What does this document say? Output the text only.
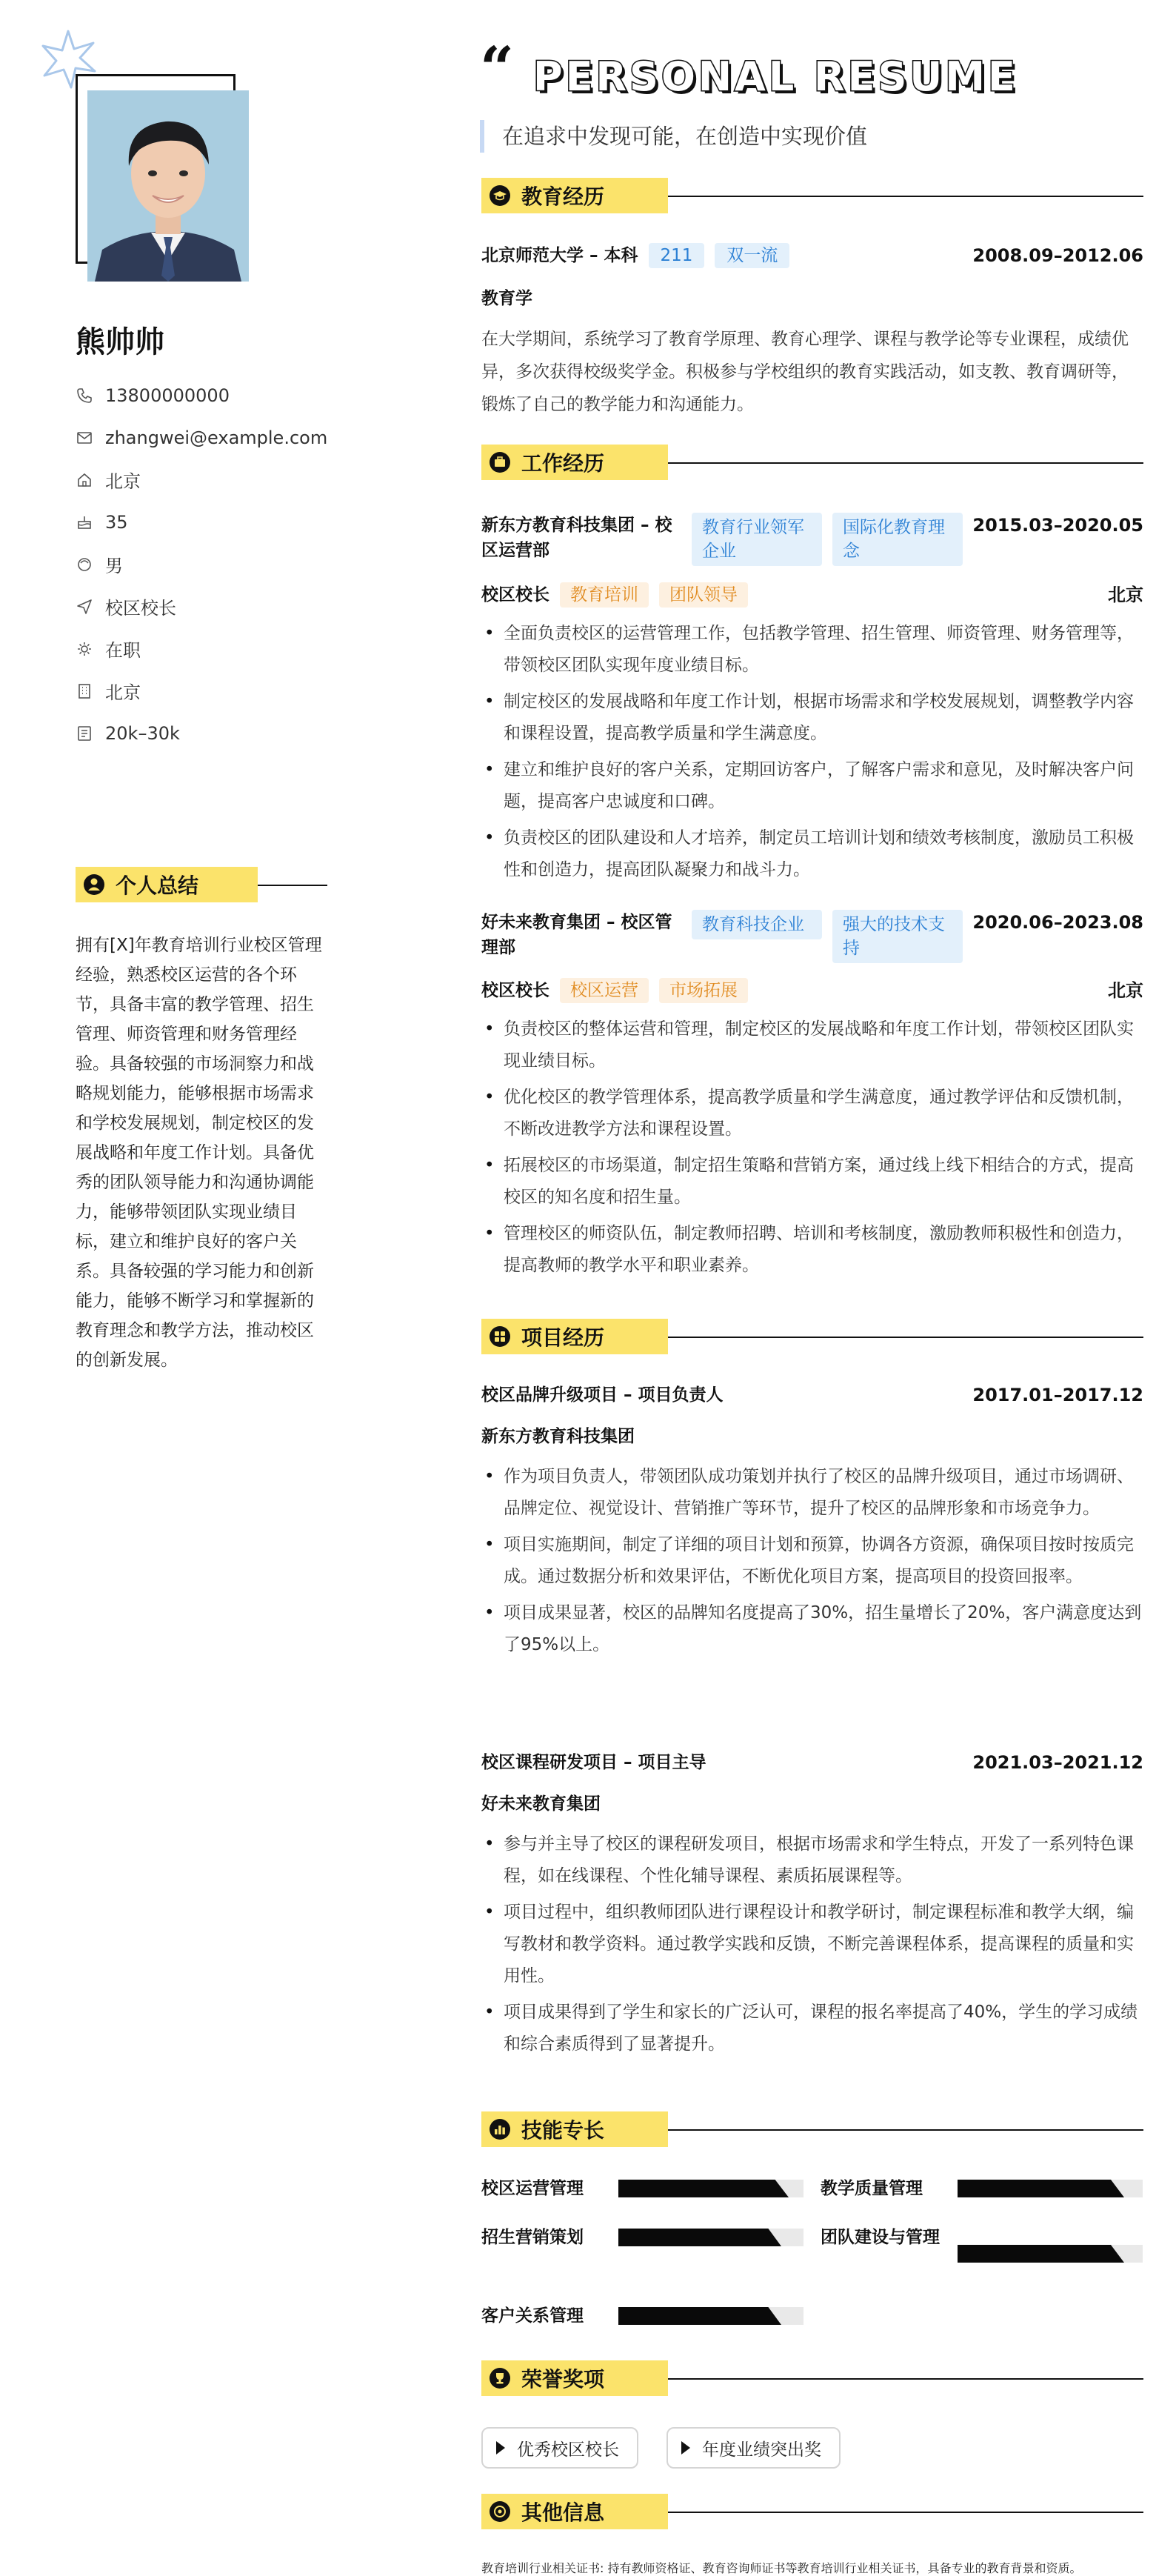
熊帅帅
13800000000
zhangwei@example.com
北京
35
男
校区校长
在职
北京
20k–30k
个人总结

拥有[X]年教育培训行业校区管理经验，熟悉校区运营的各个环节，具备丰富的教学管理、招生管理、师资管理和财务管理经验。具备较强的市场洞察力和战略规划能力，能够根据市场需求和学校发展规划，制定校区的发展战略和年度工作计划。具备优秀的团队领导能力和沟通协调能力，能够带领团队实现业绩目标，建立和维护良好的客户关系。具备较强的学习能力和创新能力，能够不断学习和掌握新的教育理念和教学方法，推动校区的创新发展。

“ PERSONAL RESUME
在追求中发现可能，在创造中实现价值
教育经历
北京师范大学 – 本科	211	双一流	2008.09–2012.06
教育学

在大学期间，系统学习了教育学原理、教育心理学、课程与教学论等专业课程，成绩优异，多次获得校级奖学金。积极参与学校组织的教育实践活动，如支教、教育调研等，锻炼了自己的教学能力和沟通能力。

工作经历
新东方教育科技集团 – 校区运营部
教育行业领军企业
国际化教育理念
2015.03–2020.05
校区校长	教育培训	团队领导	北京
• 全面负责校区的运营管理工作，包括教学管理、招生管理、师资管理、财务管理等，带领校区团队实现年度业绩目标。
• 制定校区的发展战略和年度工作计划，根据市场需求和学校发展规划，调整教学内容和课程设置，提高教学质量和学生满意度。
• 建立和维护良好的客户关系，定期回访客户，了解客户需求和意见，及时解决客户问题，提高客户忠诚度和口碑。
• 负责校区的团队建设和人才培养，制定员工培训计划和绩效考核制度，激励员工积极性和创造力，提高团队凝聚力和战斗力。
好未来教育集团 – 校区管理部
教育科技企业	强大的技术支持
2020.06–2023.08
校区校长	校区运营	市场拓展	北京
• 负责校区的整体运营和管理，制定校区的发展战略和年度工作计划，带领校区团队实现业绩目标。
• 优化校区的教学管理体系，提高教学质量和学生满意度，通过教学评估和反馈机制，不断改进教学方法和课程设置。
• 拓展校区的市场渠道，制定招生策略和营销方案，通过线上线下相结合的方式，提高校区的知名度和招生量。
• 管理校区的师资队伍，制定教师招聘、培训和考核制度，激励教师积极性和创造力，提高教师的教学水平和职业素养。
项目经历
校区品牌升级项目 – 项目负责人	2017.01–2017.12
新东方教育科技集团
• 作为项目负责人，带领团队成功策划并执行了校区的品牌升级项目，通过市场调研、品牌定位、视觉设计、营销推广等环节，提升了校区的品牌形象和市场竞争力。
• 项目实施期间，制定了详细的项目计划和预算，协调各方资源，确保项目按时按质完成。通过数据分析和效果评估，不断优化项目方案，提高项目的投资回报率。
• 项目成果显著，校区的品牌知名度提高了30%，招生量增长了20%，客户满意度达到了95%以上。
校区课程研发项目 – 项目主导	2021.03–2021.12
好未来教育集团
• 参与并主导了校区的课程研发项目，根据市场需求和学生特点，开发了一系列特色课程，如在线课程、个性化辅导课程、素质拓展课程等。
• 项目过程中，组织教师团队进行课程设计和教学研讨，制定课程标准和教学大纲，编写教材和教学资料。通过教学实践和反馈，不断完善课程体系，提高课程的质量和实用性。
• 项目成果得到了学生和家长的广泛认可，课程的报名率提高了40%，学生的学习成绩和综合素质得到了显著提升。
技能专长
校区运营管理	教学质量管理
招生营销策划	团队建设与管理
客户关系管理
荣誉奖项
优秀校区校长	年度业绩突出奖
其他信息
教育培训行业相关证书: 持有教师资格证、教育咨询师证书等教育培训行业相关证书，具备专业的教育背景和资质。
